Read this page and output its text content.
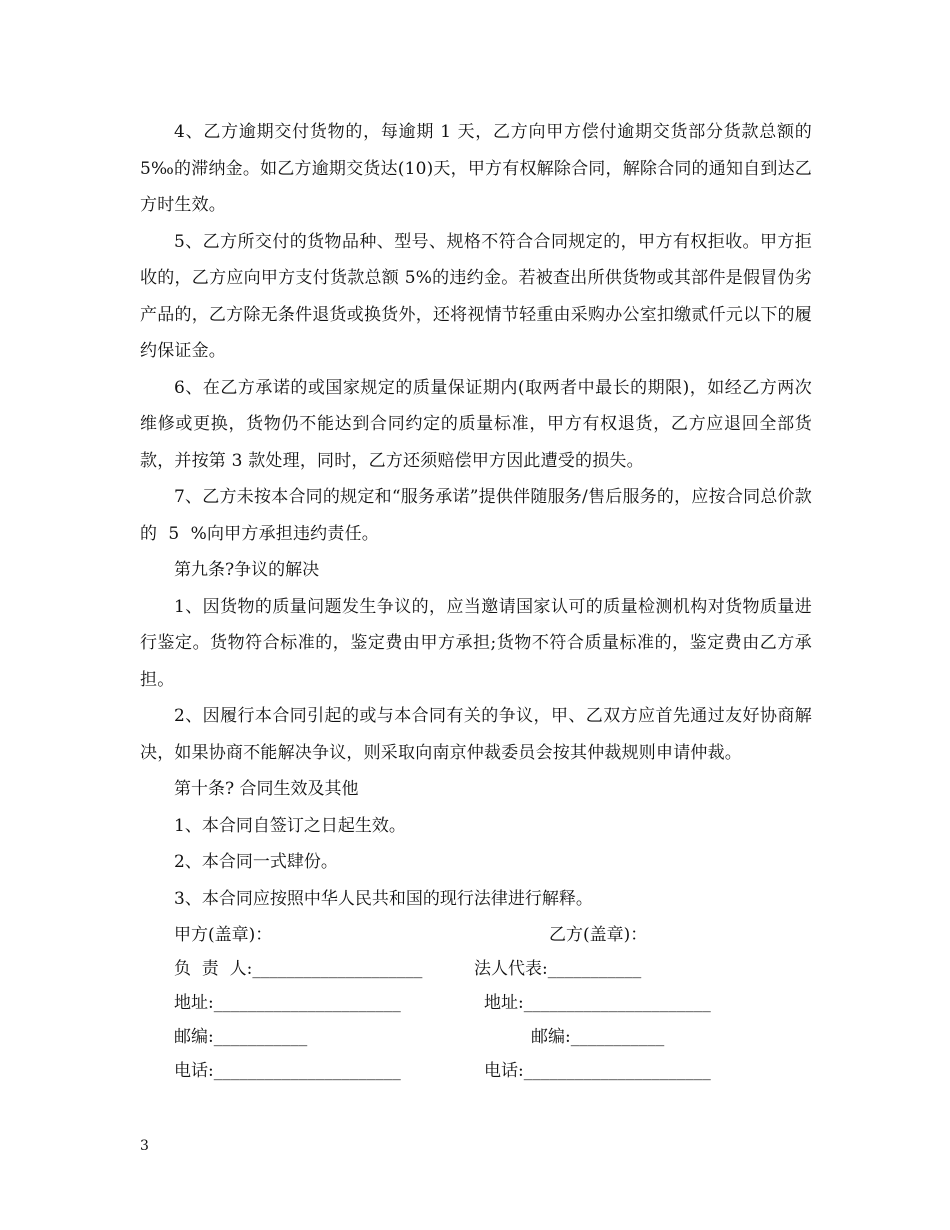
4、乙方逾期交付货物的，每逾期 1 天，乙方向甲方偿付逾期交货部分货款总额的 5‰的滞纳金。如乙方逾期交货达(10)天，甲方有权解除合同，解除合同的通知自到达乙方时生效。

5、乙方所交付的货物品种、型号、规格不符合合同规定的，甲方有权拒收。甲方拒收的，乙方应向甲方支付货款总额 5%的违约金。若被查出所供货物或其部件是假冒伪劣产品的，乙方除无条件退货或换货外，还将视情节轻重由采购办公室扣缴贰仟元以下的履约保证金。

6、在乙方承诺的或国家规定的质量保证期内(取两者中最长的期限)，如经乙方两次维修或更换，货物仍不能达到合同约定的质量标准，甲方有权退货，乙方应退回全部货款，并按第 3 款处理，同时，乙方还须赔偿甲方因此遭受的损失。

7、乙方未按本合同的规定和“服务承诺”提供伴随服务/售后服务的，应按合同总价款的  5  %向甲方承担违约责任。

第九条?争议的解决

1、因货物的质量问题发生争议的，应当邀请国家认可的质量检测机构对货物质量进行鉴定。货物符合标准的，鉴定费由甲方承担;货物不符合质量标准的，鉴定费由乙方承担。

2、因履行本合同引起的或与本合同有关的争议，甲、乙双方应首先通过友好协商解决，如果协商不能解决争议，则采取向南京仲裁委员会按其仲裁规则申请仲裁。

第十条? 合同生效及其他

1、本合同自签订之日起生效。

2、本合同一式肆份。

3、本合同应按照中华人民共和国的现行法律进行解释。

甲方(盖章)：

	乙方(盖章)：

负  责  人:____________________

	法人代表:___________

地址:______________________

	地址:______________________

邮编:___________

	邮编:___________

电话:______________________

	电话:______________________

3
